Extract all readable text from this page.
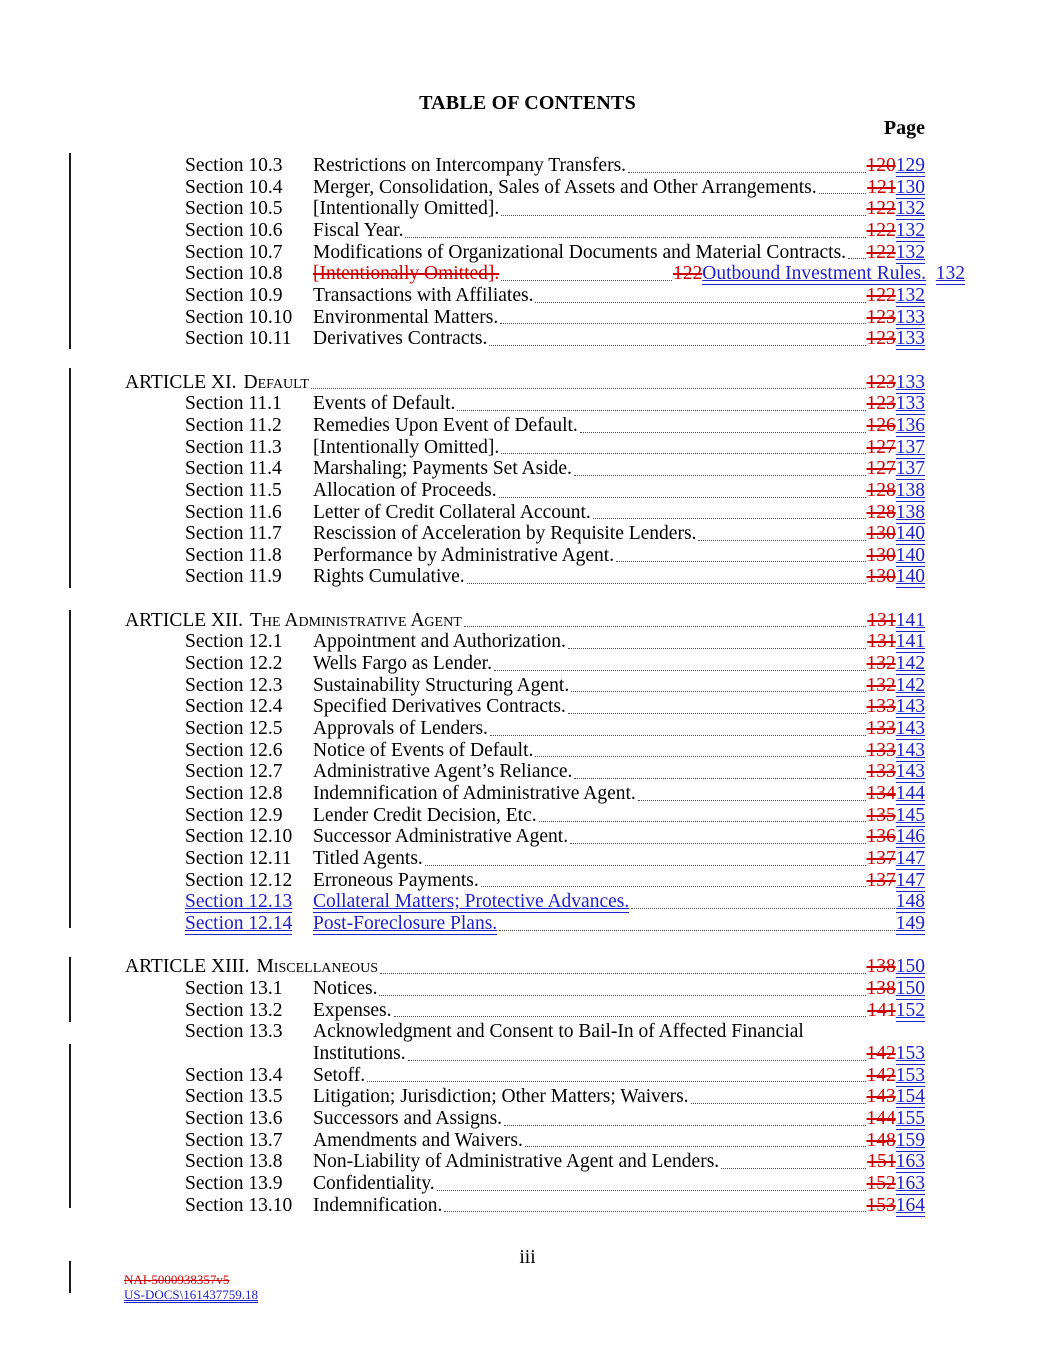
TABLE OF CONTENTS
Page
Section 10.3	Restrictions on Intercompany Transfers.	120129
Section 10.4	Merger, Consolidation, Sales of Assets and Other Arrangements.	121130
Section 10.5	[Intentionally Omitted].	122132
Section 10.6	Fiscal Year.	122132
Section 10.7	Modifications of Organizational Documents and Material Contracts. 122132
Section 10.8	[Intentionally Omitted].	122Outbound Investment Rules. 132
Section 10.9	Transactions with Affiliates.	122132
Section 10.10	Environmental Matters.	123133
Section 10.11	Derivatives Contracts.	123133
ARTICLE XI. Default	123133
Section 11.1	Events of Default.	123133
Section 11.2	Remedies Upon Event of Default.	126136
Section 11.3	[Intentionally Omitted].	127137
Section 11.4	Marshaling; Payments Set Aside.	127137
Section 11.5	Allocation of Proceeds.	128138
Section 11.6	Letter of Credit Collateral Account.	128138
Section 11.7	Rescission of Acceleration by Requisite Lenders.	130140
Section 11.8	Performance by Administrative Agent.	130140
Section 11.9	Rights Cumulative.	130140
ARTICLE XII. The Administrative Agent	131141
Section 12.1	Appointment and Authorization.	131141
Section 12.2	Wells Fargo as Lender.	132142
Section 12.3	Sustainability Structuring Agent.	132142
Section 12.4	Specified Derivatives Contracts.	133143
Section 12.5	Approvals of Lenders.	133143
Section 12.6	Notice of Events of Default.	133143
Section 12.7	Administrative Agent’s Reliance.	133143
Section 12.8	Indemnification of Administrative Agent.	134144
Section 12.9	Lender Credit Decision, Etc.	135145
Section 12.10	Successor Administrative Agent.	136146
Section 12.11	Titled Agents.	137147
Section 12.12	Erroneous Payments.	137147
Section 12.13	Collateral Matters; Protective Advances.	148
Section 12.14	Post-Foreclosure Plans.	149
ARTICLE XIII. Miscellaneous	138150
Section 13.1	Notices.	138150
Section 13.2	Expenses.	141152
Section 13.3	Acknowledgment and Consent to Bail-In of Affected Financial
Institutions.	142153
Section 13.4	Setoff.	142153
Section 13.5	Litigation; Jurisdiction; Other Matters; Waivers.	143154
Section 13.6	Successors and Assigns.	144155
Section 13.7	Amendments and Waivers.	148159
Section 13.8	Non-Liability of Administrative Agent and Lenders.	151163
Section 13.9	Confidentiality.	152163
Section 13.10	Indemnification.	153164
iii
NAI-5000938357v5
US-DOCS\161437759.18
